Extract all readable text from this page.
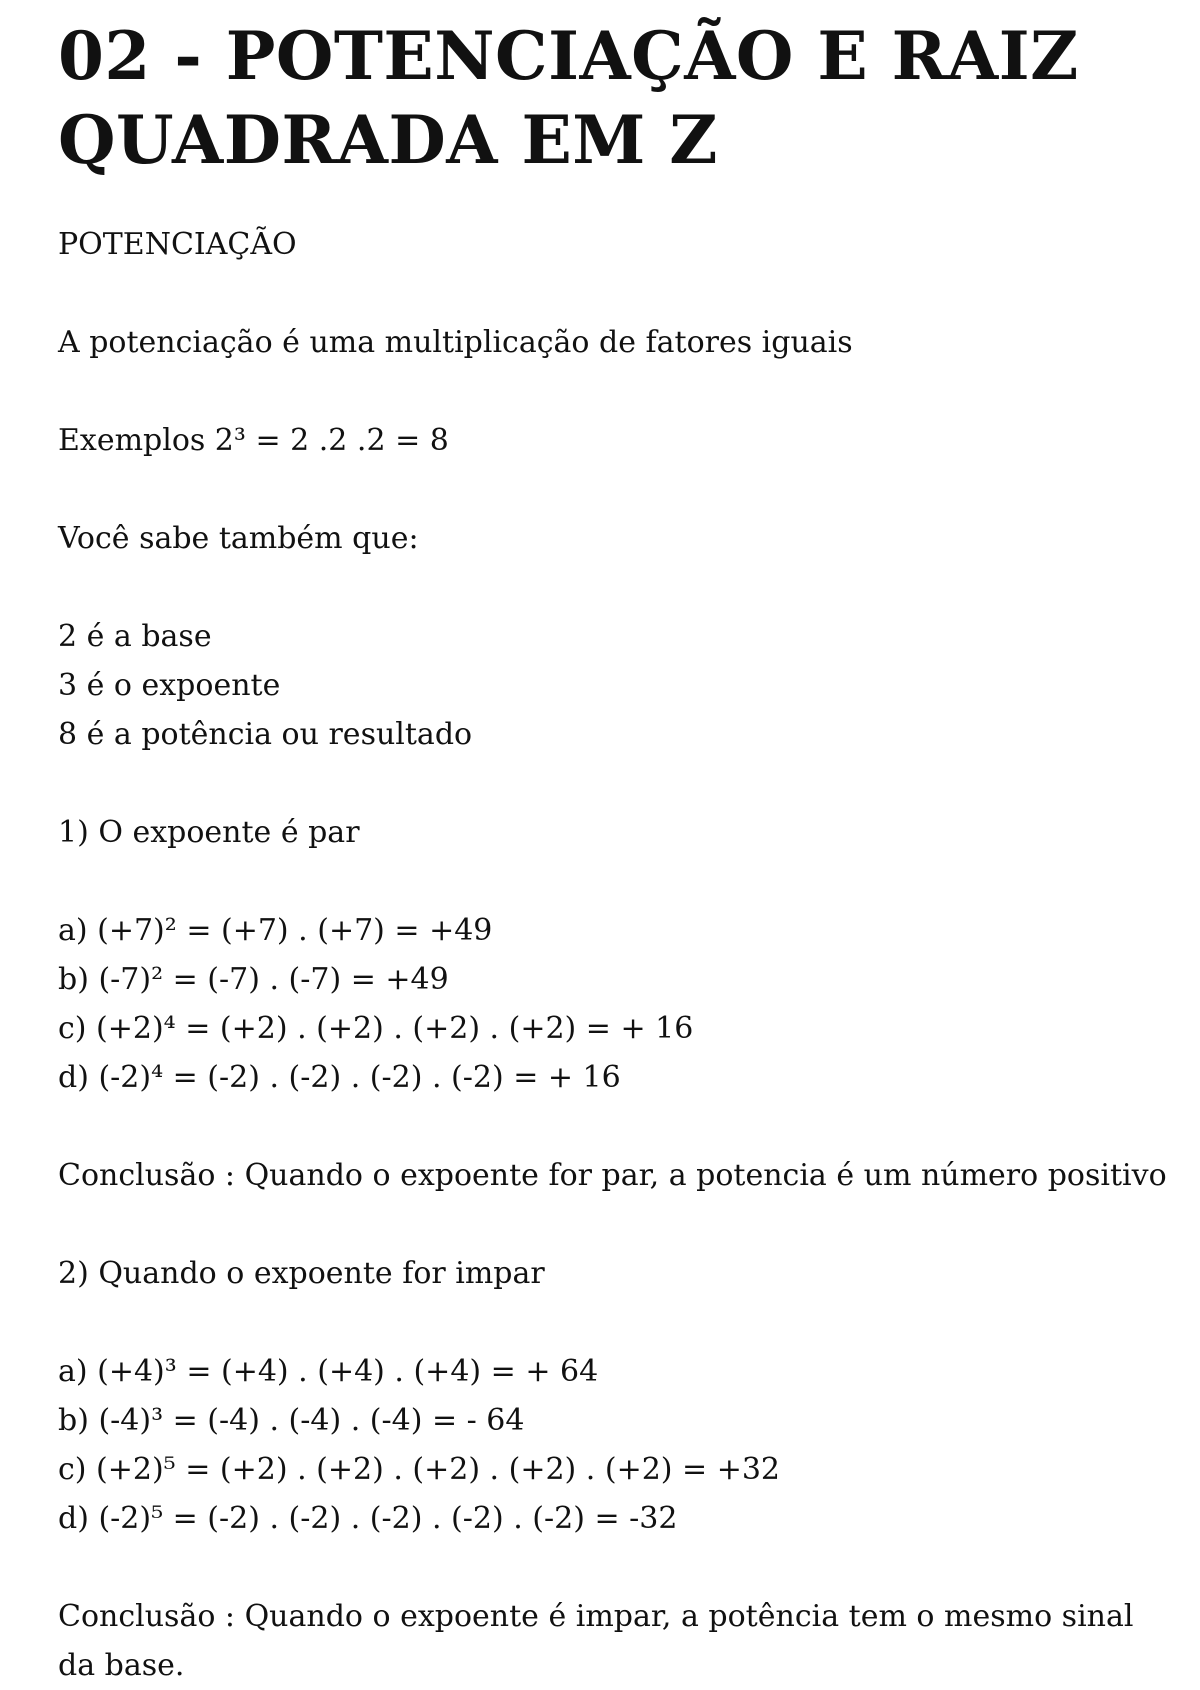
02 - POTENCIAÇÃO E RAIZ QUADRADA EM Z
POTENCIAÇÃO
A potenciação é uma multiplicação de fatores iguais
Exemplos 2³ = 2 .2 .2 = 8
Você sabe também que:
2 é a base
3 é o expoente
8 é a potência ou resultado
1) O expoente é par
a) (+7)² = (+7) . (+7) = +49
b) (-7)² = (-7) . (-7) = +49
c) (+2)⁴ = (+2) . (+2) . (+2) . (+2) = + 16
d) (-2)⁴ = (-2) . (-2) . (-2) . (-2) = + 16
Conclusão : Quando o expoente for par, a potencia é um número positivo
2) Quando o expoente for impar
a) (+4)³ = (+4) . (+4) . (+4) = + 64
b) (-4)³ = (-4) . (-4) . (-4) = - 64
c) (+2)⁵ = (+2) . (+2) . (+2) . (+2) . (+2) = +32
d) (-2)⁵ = (-2) . (-2) . (-2) . (-2) . (-2) = -32
Conclusão : Quando o expoente é impar, a potência tem o mesmo sinal da base.
